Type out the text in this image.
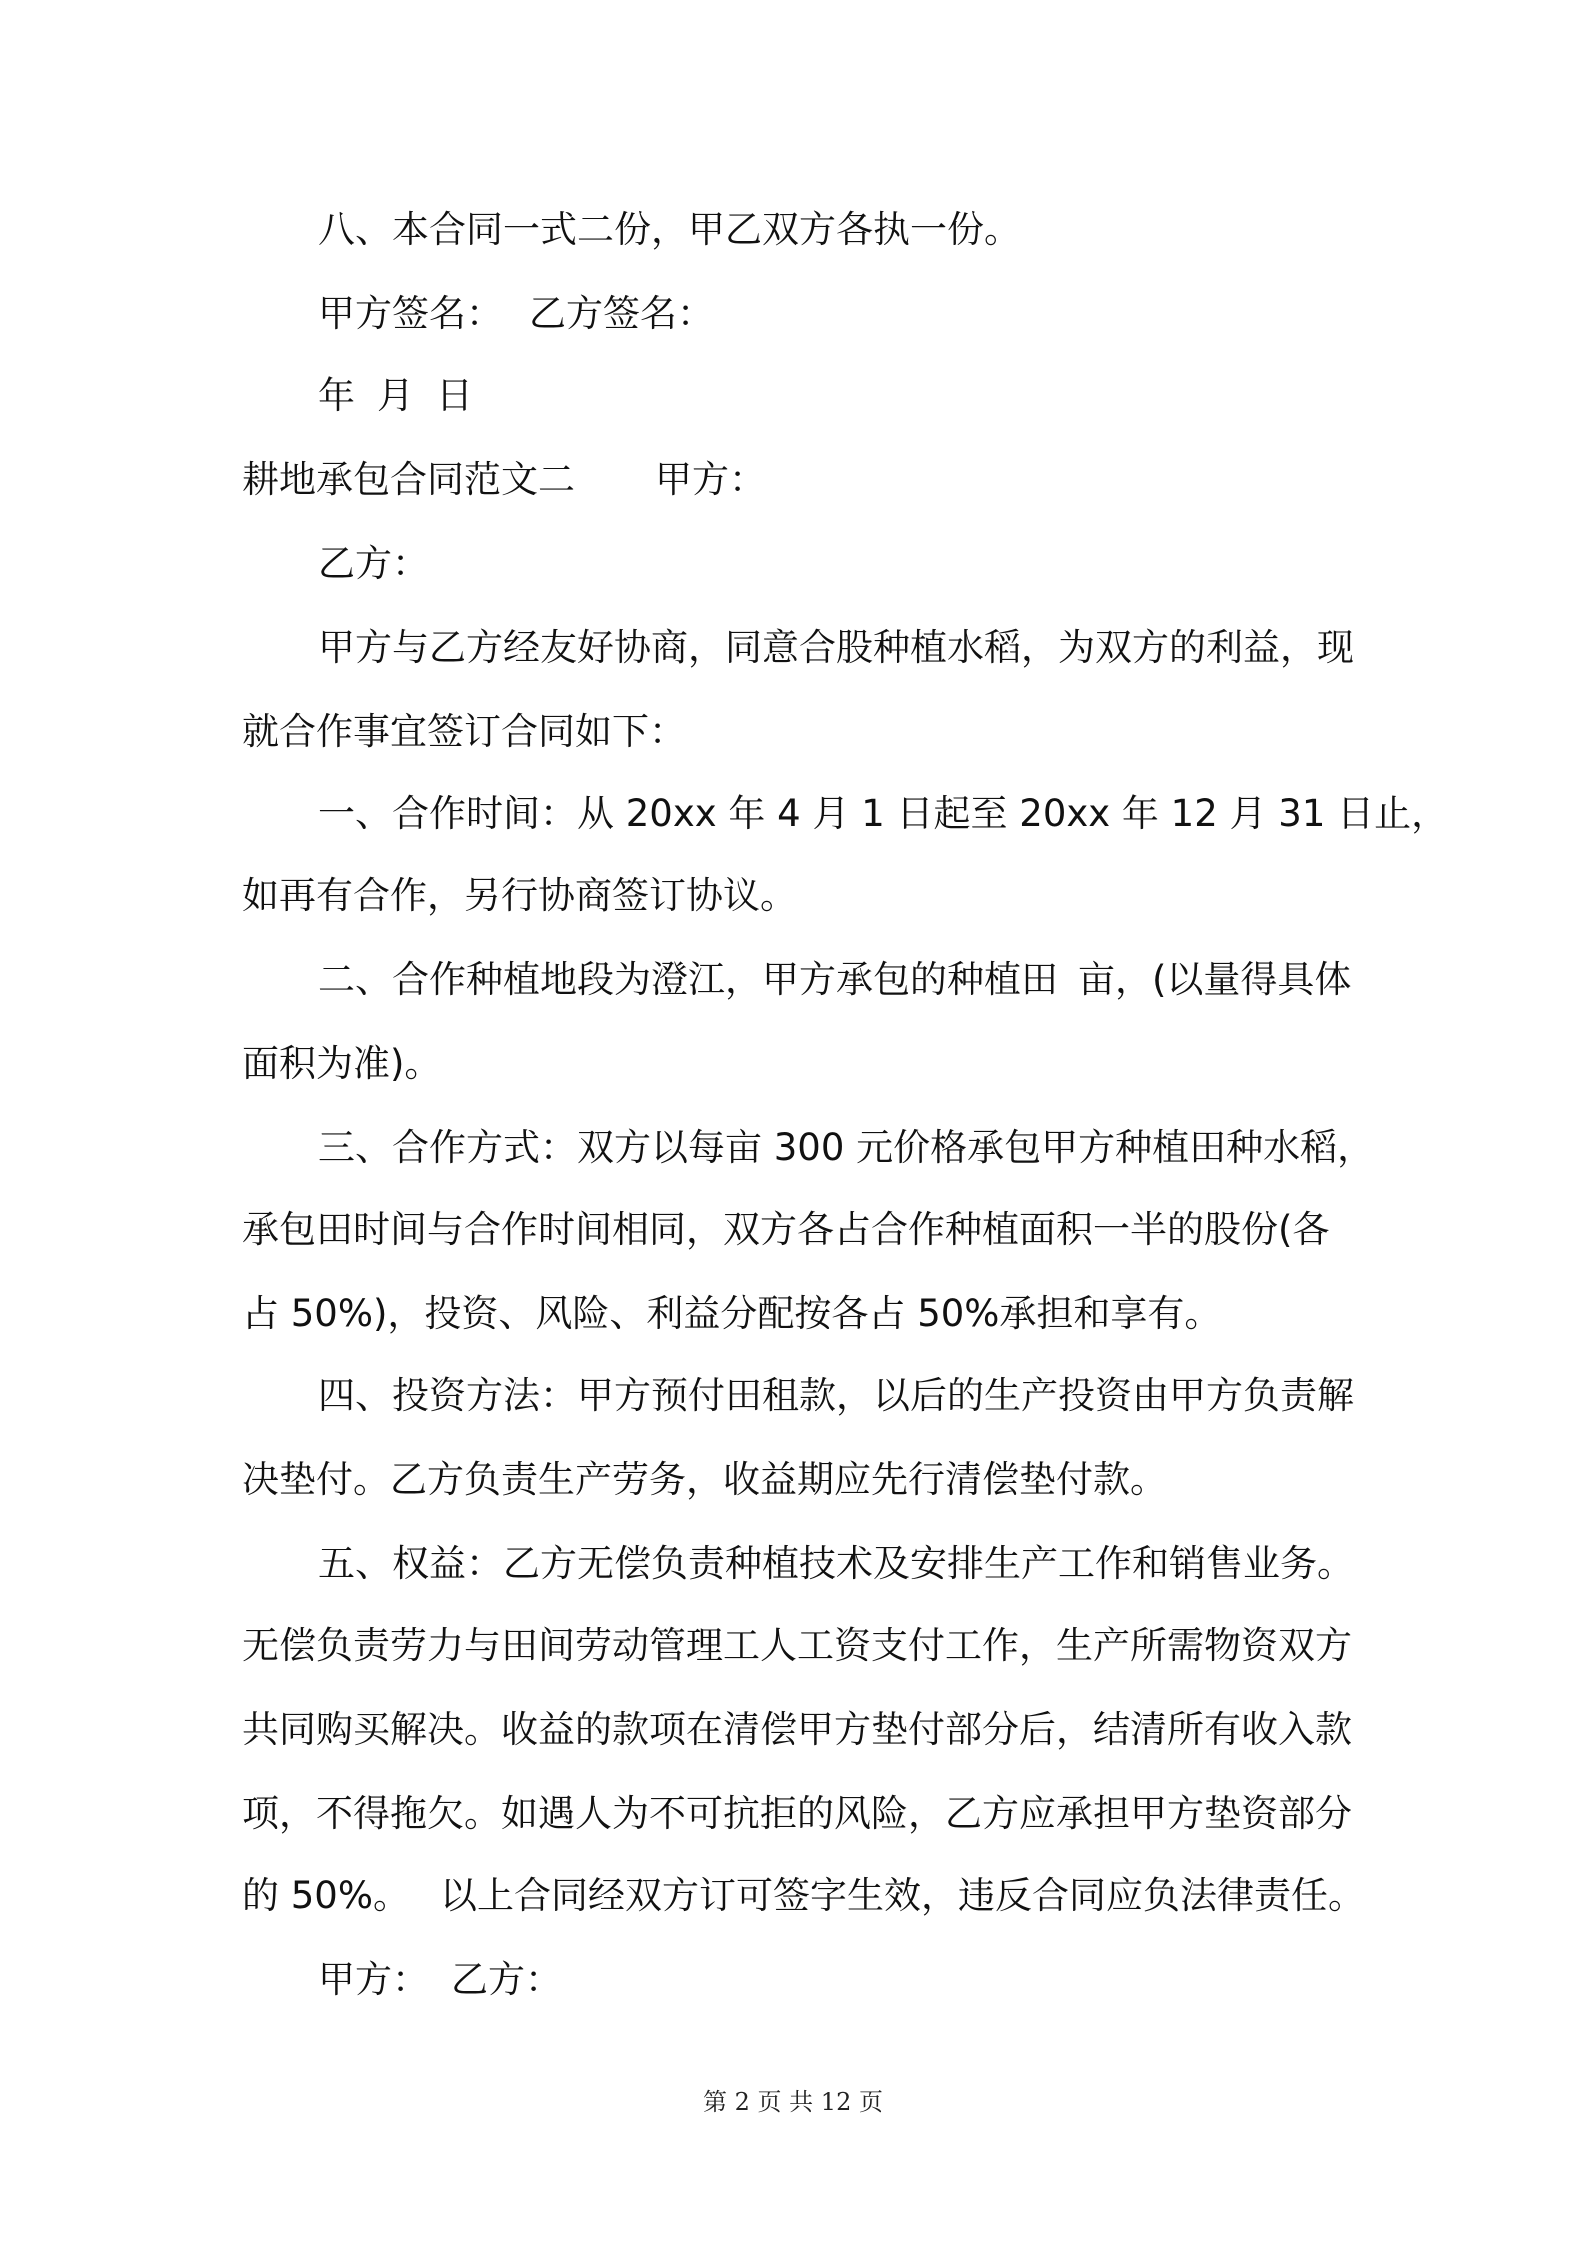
八、本合同一式二份，甲乙双方各执一份。

甲方签名： 乙方签名：
年 月 日
耕地承包合同范文二 甲方：

乙方：

甲方与乙方经友好协商，同意合股种植水稻，为双方的利益，现

就合作事宜签订合同如下：

一、合作时间：从 20xx 年 4 月 1 日起至 20xx 年 12 月 31 日止，

如再有合作，另行协商签订协议。

二、合作种植地段为澄江，甲方承包的种植田 亩，(以量得具体

面积为准)。

三、合作方式：双方以每亩 300 元价格承包甲方种植田种水稻，

承包田时间与合作时间相同，双方各占合作种植面积一半的股份(各

占 50%)，投资、风险、利益分配按各占 50%承担和享有。

四、投资方法：甲方预付田租款，以后的生产投资由甲方负责解

决垫付。乙方负责生产劳务，收益期应先行清偿垫付款。

五、权益：乙方无偿负责种植技术及安排生产工作和销售业务。

无偿负责劳力与田间劳动管理工人工资支付工作，生产所需物资双方

共同购买解决。收益的款项在清偿甲方垫付部分后，结清所有收入款

项，不得拖欠。如遇人为不可抗拒的风险，乙方应承担甲方垫资部分

的 50%。 以上合同经双方订可签字生效，违反合同应负法律责任。
甲方： 乙方：
第 2 页 共 12 页
